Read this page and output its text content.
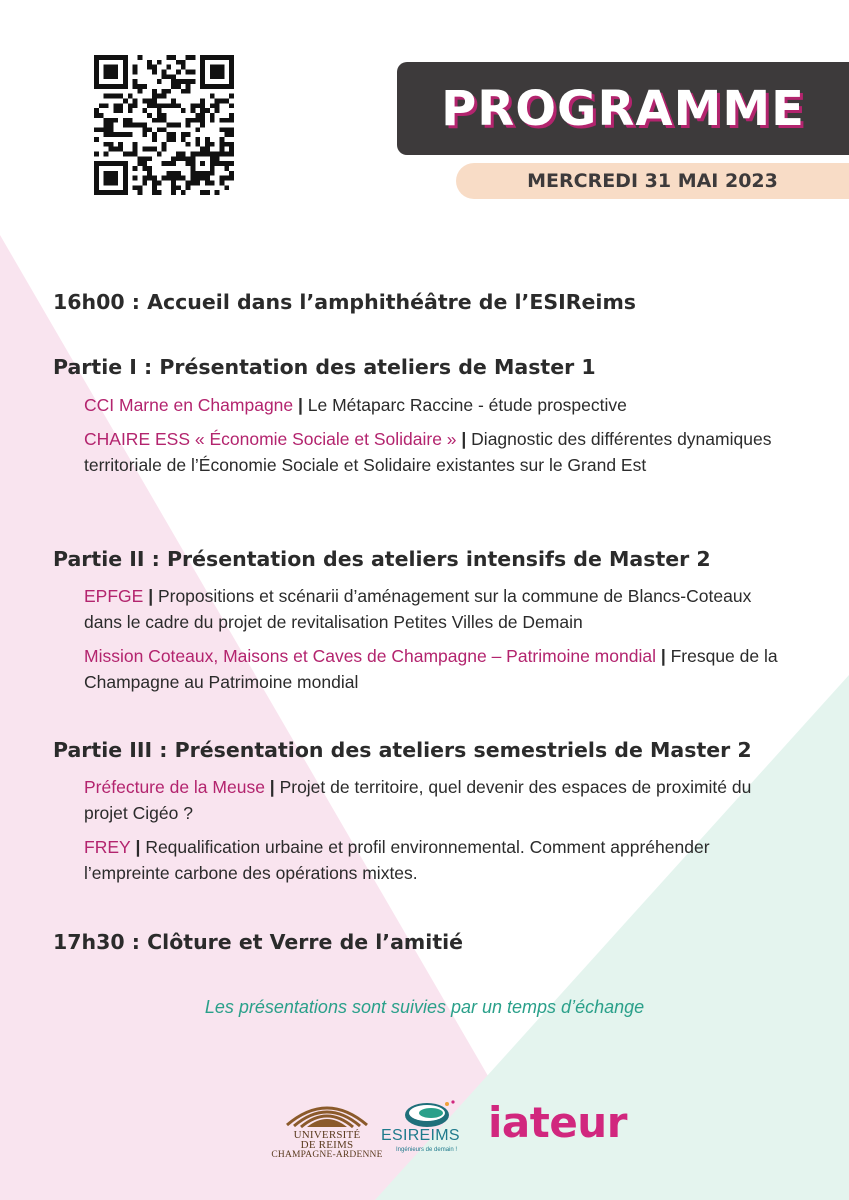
PROGRAMME
MERCREDI 31 MAI 2023
16h00 : Accueil dans l’amphithéâtre de l’ESIReims
Partie I : Présentation des ateliers de Master 1
CCI Marne en Champagne | Le Métaparc Raccine - étude prospective
CHAIRE ESS « Économie Sociale et Solidaire » | Diagnostic des différentes dynamiques territoriale de l’Économie Sociale et Solidaire existantes sur le Grand Est
Partie II : Présentation des ateliers intensifs de Master 2
EPFGE | Propositions et scénarii d’aménagement sur la commune de Blancs-Coteaux dans le cadre du projet de revitalisation Petites Villes de Demain
Mission Coteaux, Maisons et Caves de Champagne – Patrimoine mondial | Fresque de la Champagne au Patrimoine mondial
Partie III : Présentation des ateliers semestriels de Master 2
Préfecture de la Meuse | Projet de territoire, quel devenir des espaces de proximité du projet Cigéo ?
FREY | Requalification urbaine et profil environnemental. Comment appréhender l’empreinte carbone des opérations mixtes.
17h30 : Clôture et Verre de l’amitié
Les présentations sont suivies par un temps d’échange
UNIVERSITÉ
DE REIMS
CHAMPAGNE-ARDENNE
ESIREIMS
Ingénieurs de demain !
iateur
